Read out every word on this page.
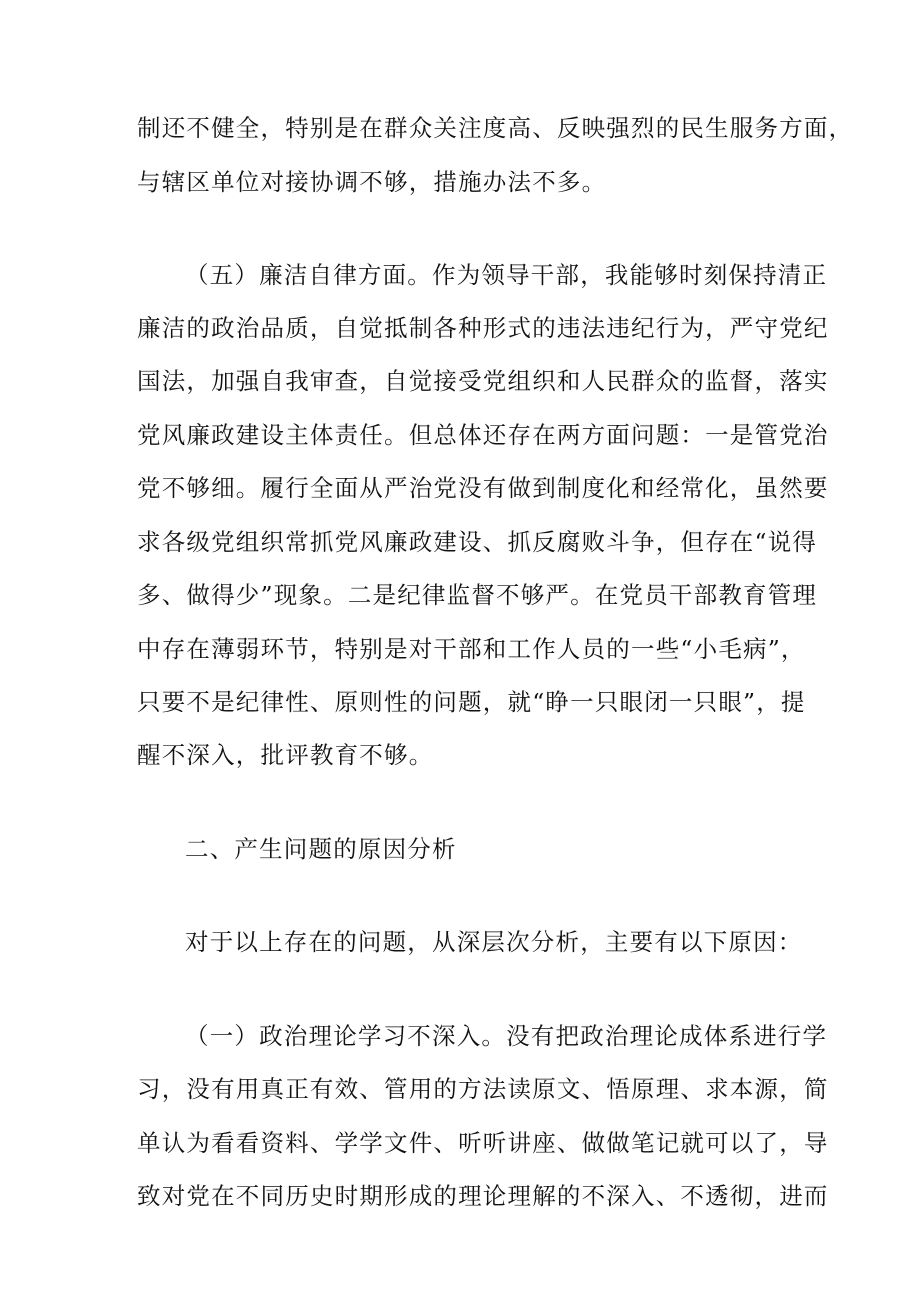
制还不健全，特别是在群众关注度高、反映强烈的民生服务方面，
与辖区单位对接协调不够，措施办法不多。
（五）廉洁自律方面。作为领导干部，我能够时刻保持清正
廉洁的政治品质，自觉抵制各种形式的违法违纪行为，严守党纪
国法，加强自我审查，自觉接受党组织和人民群众的监督，落实
党风廉政建设主体责任。但总体还存在两方面问题：一是管党治
党不够细。履行全面从严治党没有做到制度化和经常化，虽然要
求各级党组织常抓党风廉政建设、抓反腐败斗争，但存在“说得
多、做得少”现象。二是纪律监督不够严。在党员干部教育管理
中存在薄弱环节，特别是对干部和工作人员的一些“小毛病”，
只要不是纪律性、原则性的问题，就“睁一只眼闭一只眼”，提
醒不深入，批评教育不够。
二、产生问题的原因分析
对于以上存在的问题，从深层次分析，主要有以下原因：
（一）政治理论学习不深入。没有把政治理论成体系进行学
习，没有用真正有效、管用的方法读原文、悟原理、求本源，简
单认为看看资料、学学文件、听听讲座、做做笔记就可以了，导
致对党在不同历史时期形成的理论理解的不深入、不透彻，进而
